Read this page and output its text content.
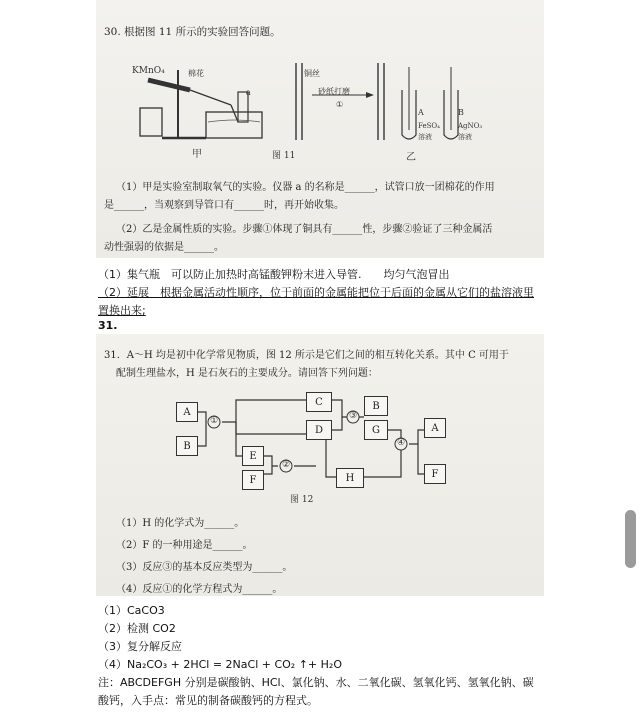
30. 根据图 11 所示的实验回答问题。
KMnO₄	棉花
a
甲
铜丝
砂纸打磨
①
图 11	乙
A	B
FeSO₄
溶液
AgNO₃
溶液
（1）甲是实验室制取氧气的实验。仪器 a 的名称是______，试管口放一团棉花的作用
是______，当观察到导管口有______时，再开始收集。
（2）乙是金属性质的实验。步骤①体现了铜具有______性，步骤②验证了三种金属活
动性强弱的依据是______。
（1）集气瓶　可以防止加热时高锰酸钾粉末进入导管.　　均匀气泡冒出
（2）延展　根据金属活动性顺序，位于前面的金属能把位于后面的金属从它们的盐溶液里
置换出来;
31.
31．A～H 均是初中化学常见物质，图 12 所示是它们之间的相互转化关系。其中 C 可用于
配制生理盐水，H 是石灰石的主要成分。请回答下列问题：
①
②
③
④
A
B
C
D
E
F
B
G	A
F
H
图 12
（1）H 的化学式为______。
（2）F 的一种用途是______。
（3）反应③的基本反应类型为______。
（4）反应①的化学方程式为______。
（1）CaCO3
（2）检测 CO2
（3）复分解反应
（4）Na₂CO₃ + 2HCl = 2NaCl + CO₂ ↑+ H₂O
注：ABCDEFGH 分别是碳酸钠、HCl、氯化钠、水、二氧化碳、氢氧化钙、氢氧化钠、碳
酸钙，入手点：常见的制备碳酸钙的方程式。
